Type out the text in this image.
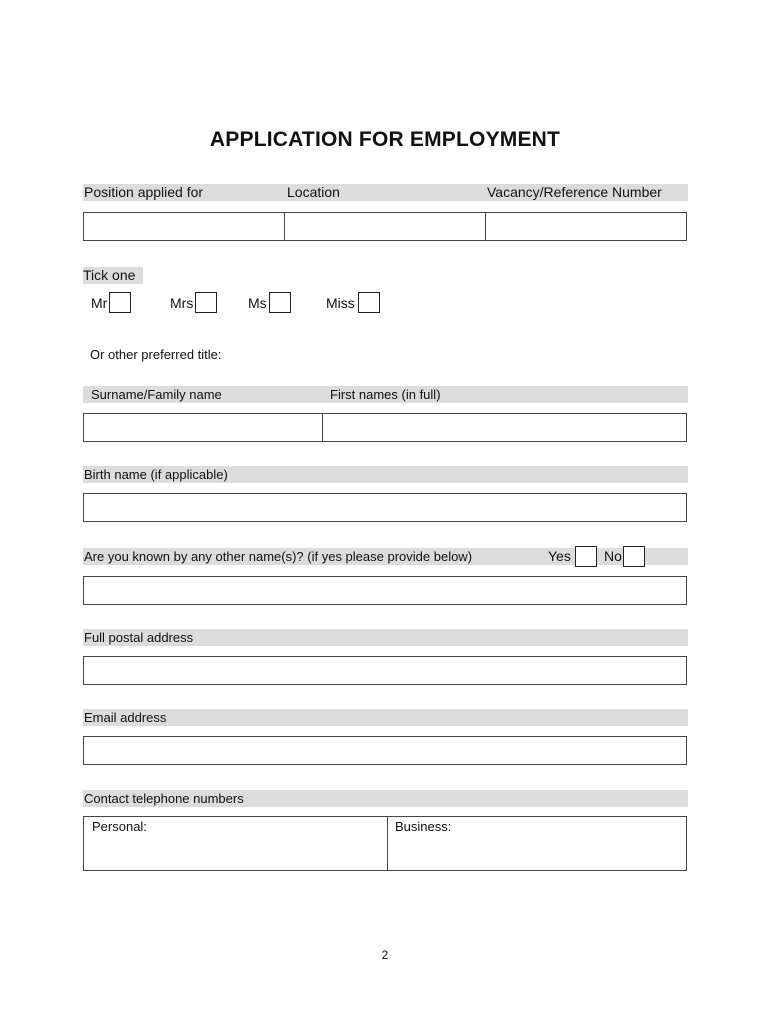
APPLICATION FOR EMPLOYMENT
Position applied for	Location	Vacancy/Reference Number
Tick one
Mr	Mrs	Ms	Miss
Or other preferred title:
Surname/Family name	First names (in full)
Birth name (if applicable)
Are you known by any other name(s)? (if yes please provide below)	Yes No
Full postal address
Email address
Contact telephone numbers
Personal:	Business:
2
